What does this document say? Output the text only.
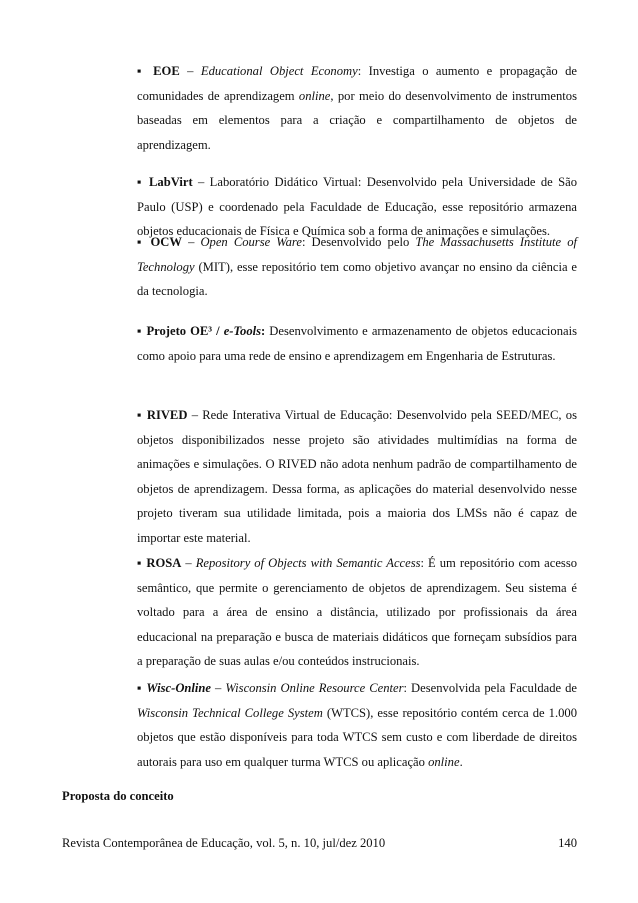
▪ EOE – Educational Object Economy: Investiga o aumento e propagação de comunidades de aprendizagem online, por meio do desenvolvimento de instrumentos baseadas em elementos para a criação e compartilhamento de objetos de aprendizagem.
▪ LabVirt – Laboratório Didático Virtual: Desenvolvido pela Universidade de São Paulo (USP) e coordenado pela Faculdade de Educação, esse repositório armazena objetos educacionais de Física e Química sob a forma de animações e simulações.
▪ OCW – Open Course Ware: Desenvolvido pelo The Massachusetts Institute of Technology (MIT), esse repositório tem como objetivo avançar no ensino da ciência e da tecnologia.
▪ Projeto OE³ / e-Tools: Desenvolvimento e armazenamento de objetos educacionais como apoio para uma rede de ensino e aprendizagem em Engenharia de Estruturas.
▪ RIVED – Rede Interativa Virtual de Educação: Desenvolvido pela SEED/MEC, os objetos disponibilizados nesse projeto são atividades multimídias na forma de animações e simulações. O RIVED não adota nenhum padrão de compartilhamento de objetos de aprendizagem. Dessa forma, as aplicações do material desenvolvido nesse projeto tiveram sua utilidade limitada, pois a maioria dos LMSs não é capaz de importar este material.
▪ ROSA – Repository of Objects with Semantic Access: É um repositório com acesso semântico, que permite o gerenciamento de objetos de aprendizagem. Seu sistema é voltado para a área de ensino a distância, utilizado por profissionais da área educacional na preparação e busca de materiais didáticos que forneçam subsídios para a preparação de suas aulas e/ou conteúdos instrucionais.
▪ Wisc-Online – Wisconsin Online Resource Center: Desenvolvida pela Faculdade de Wisconsin Technical College System (WTCS), esse repositório contém cerca de 1.000 objetos que estão disponíveis para toda WTCS sem custo e com liberdade de direitos autorais para uso em qualquer turma WTCS ou aplicação online.
Proposta do conceito
Revista Contemporânea de Educação, vol. 5, n. 10, jul/dez 2010	140
